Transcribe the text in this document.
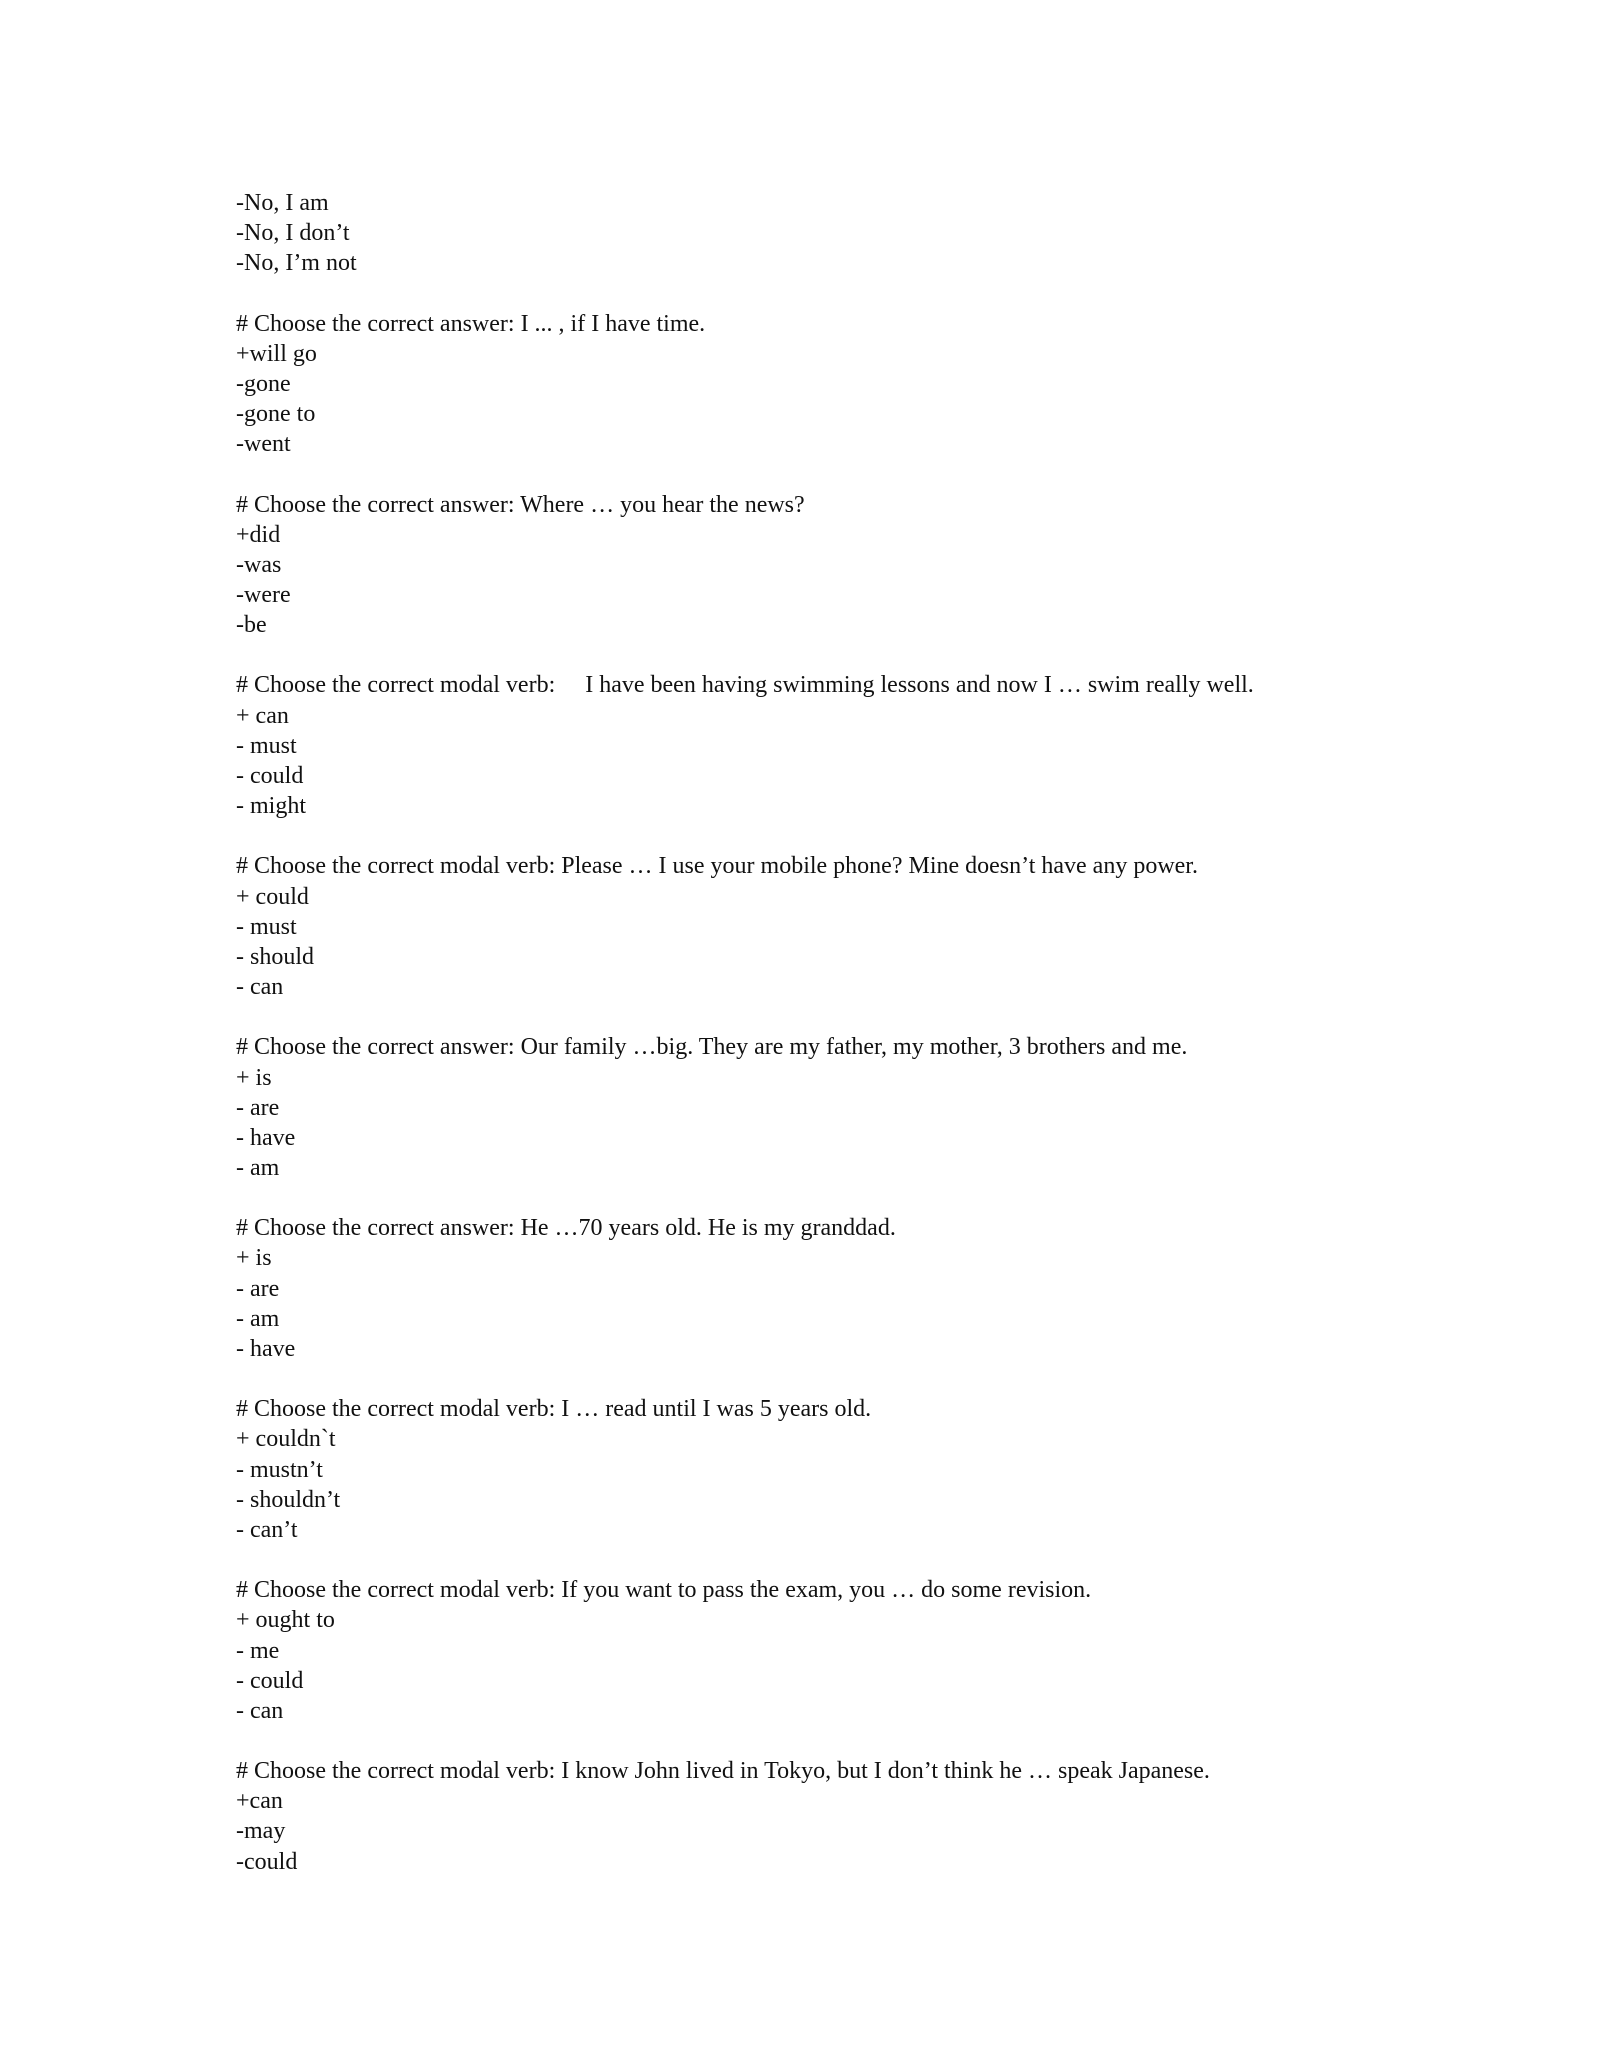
-No, I am
-No, I don’t
-No, I’m not
# Choose the correct answer: I ... , if I have time.
+will go
-gone
-gone to
-went
# Choose the correct answer: Where … you hear the news?
+did
-was
-were
-be
# Choose the correct modal verb:     I have been having swimming lessons and now I … swim really well.
+ can
- must
- could
- might
# Choose the correct modal verb: Please … I use your mobile phone? Mine doesn’t have any power.
+ could
- must
- should
- can
# Choose the correct answer: Our family …big. They are my father, my mother, 3 brothers and me.
+ is
- are
- have
- am
# Choose the correct answer: He …70 years old. He is my granddad.
+ is
- are
- am
- have
# Choose the correct modal verb: I … read until I was 5 years old.
+ couldn`t
- mustn’t
- shouldn’t
- can’t
# Choose the correct modal verb: If you want to pass the exam, you … do some revision.
+ ought to
- me
- could
- can
# Choose the correct modal verb: I know John lived in Tokyo, but I don’t think he … speak Japanese.
+can
-may
-could
